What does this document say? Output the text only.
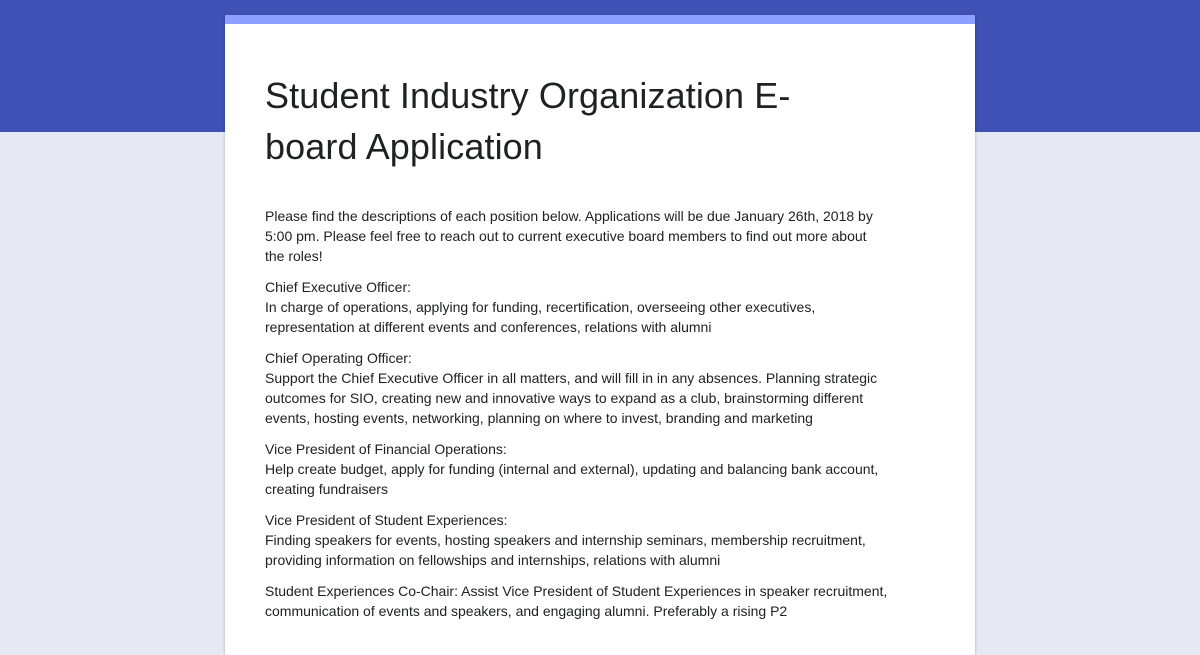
Student Industry Organization E-
board Application

Please find the descriptions of each position below. Applications will be due January 26th, 2018 by
5:00 pm. Please feel free to reach out to current executive board members to find out more about
the roles!

Chief Executive Officer:
In charge of operations, applying for funding, recertification, overseeing other executives,
representation at different events and conferences, relations with alumni

Chief Operating Officer:
Support the Chief Executive Officer in all matters, and will fill in in any absences. Planning strategic
outcomes for SIO, creating new and innovative ways to expand as a club, brainstorming different
events, hosting events, networking, planning on where to invest, branding and marketing

Vice President of Financial Operations:
Help create budget, apply for funding (internal and external), updating and balancing bank account,
creating fundraisers

Vice President of Student Experiences:
Finding speakers for events, hosting speakers and internship seminars, membership recruitment,
providing information on fellowships and internships, relations with alumni

Student Experiences Co-Chair: Assist Vice President of Student Experiences in speaker recruitment,
communication of events and speakers, and engaging alumni. Preferably a rising P2
